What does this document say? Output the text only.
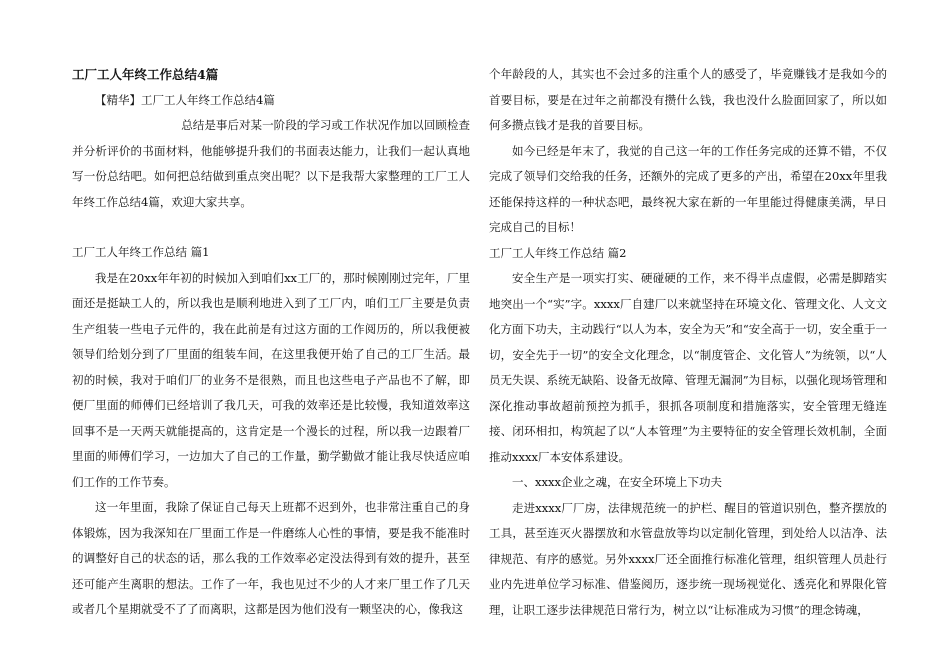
工厂工人年终工作总结4篇

【精华】工厂工人年终工作总结4篇

总结是事后对某一阶段的学习或工作状况作加以回顾检查并分析评价的书面材料，他能够提升我们的书面表达能力，让我们一起认真地写一份总结吧。如何把总结做到重点突出呢？以下是我帮大家整理的工厂工人年终工作总结4篇，欢迎大家共享。

工厂工人年终工作总结 篇1

我是在20xx年年初的时候加入到咱们xx工厂的，那时候刚刚过完年，厂里面还是挺缺工人的，所以我也是顺利地进入到了工厂内，咱们工厂主要是负责生产组装一些电子元件的，我在此前是有过这方面的工作阅历的，所以我便被领导们给划分到了厂里面的组装车间，在这里我便开始了自己的工厂生活。最初的时候，我对于咱们厂的业务不是很熟，而且也这些电子产品也不了解，即便厂里面的师傅们已经培训了我几天，可我的效率还是比较慢，我知道效率这回事不是一天两天就能提高的，这肯定是一个漫长的过程，所以我一边跟着厂里面的师傅们学习，一边加大了自己的工作量，勤学勤做才能让我尽快适应咱们工作的工作节奏。

这一年里面，我除了保证自己每天上班都不迟到外，也非常注重自己的身体锻炼，因为我深知在厂里面工作是一件磨练人心性的事情，要是我不能准时的调整好自己的状态的话，那么我的工作效率必定没法得到有效的提升，甚至还可能产生离职的想法。工作了一年，我也见过不少的人才来厂里工作了几天或者几个星期就受不了了而离职，这都是因为他们没有一颗坚决的心，像我这

个年龄段的人，其实也不会过多的注重个人的感受了，毕竟赚钱才是我如今的首要目标，要是在过年之前都没有攒什么钱，我也没什么脸面回家了，所以如何多攒点钱才是我的首要目标。

如今已经是年末了，我觉的自己这一年的工作任务完成的还算不错，不仅完成了领导们交给我的任务，还额外的完成了更多的产出，希望在20xx年里我还能保持这样的一种状态吧，最终祝大家在新的一年里能过得健康美满，早日完成自己的目标！

工厂工人年终工作总结 篇2

安全生产是一项实打实、硬碰硬的工作，来不得半点虚假，必需是脚踏实地突出一个“实”字。xxxx厂自建厂以来就坚持在环境文化、管理文化、人文文化方面下功夫，主动践行“以人为本，安全为天”和“安全高于一切，安全重于一切，安全先于一切”的安全文化理念，以“制度管企、文化管人”为统领，以“人员无失误、系统无缺陷、设备无故障、管理无漏洞”为目标，以强化现场管理和深化推动事故超前预控为抓手，狠抓各项制度和措施落实，安全管理无缝连接、闭环相扣，构筑起了以“人本管理”为主要特征的安全管理长效机制，全面推动xxxx厂本安体系建设。

一、xxxx企业之魂，在安全环境上下功夫

走进xxxx厂厂房，法律规范统一的护栏、醒目的管道识别色，整齐摆放的工具，甚至连灭火器摆放和水管盘放等均以定制化管理，到处给人以洁净、法律规范、有序的感觉。另外xxxx厂还全面推行标准化管理，组织管理人员赴行业内先进单位学习标准、借鉴阅历，逐步统一现场视觉化、透亮化和界限化管理，让职工逐步法律规范日常行为，树立以“让标准成为习惯”的理念铸魂，
